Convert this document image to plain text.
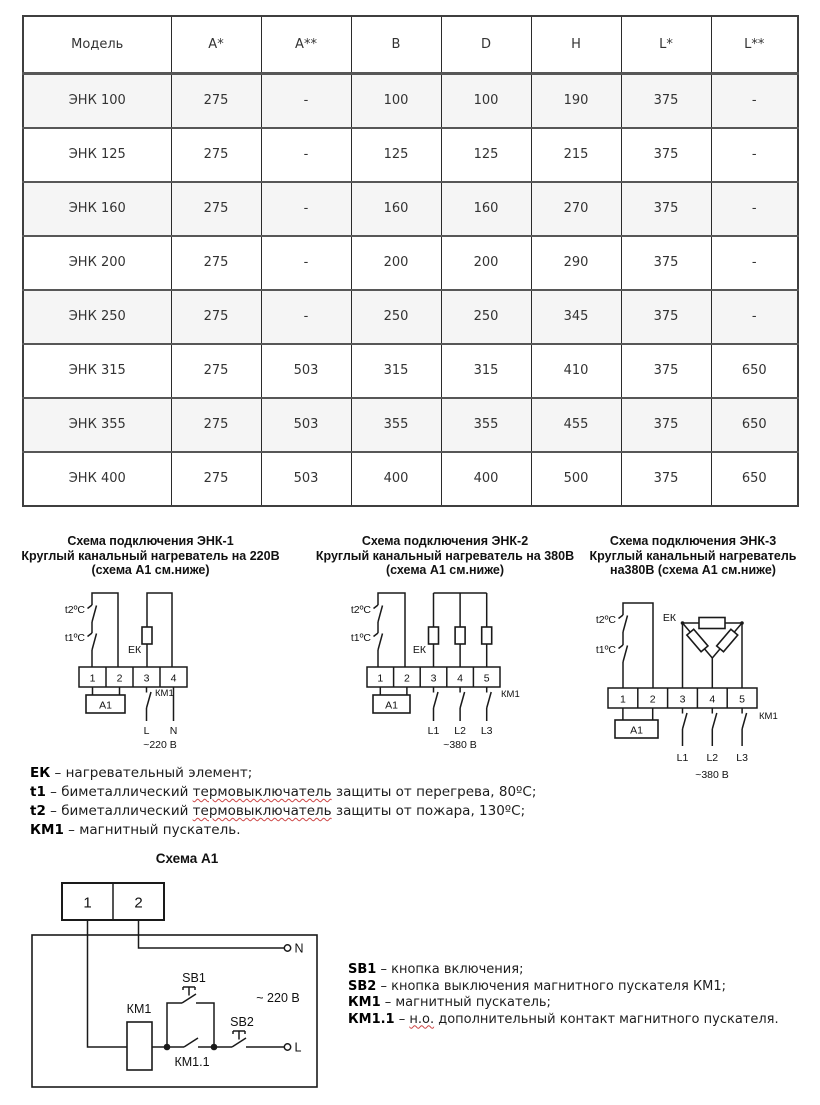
Модель	A*	A**	B	D	H	L*	L**
ЭНК 100	275	-	100	100	190	375	-
ЭНК 125	275	-	125	125	215	375	-
ЭНК 160	275	-	160	160	270	375	-
ЭНК 200	275	-	200	200	290	375	-
ЭНК 250	275	-	250	250	345	375	-
ЭНК 315	275	503	315	315	410	375	650
ЭНК 355	275	503	355	355	455	375	650
ЭНК 400	275	503	400	400	500	375	650
Схема подключения ЭНК-1
Круглый канальный нагреватель на 220В
(схема А1 см.ниже)
Схема подключения ЭНК-2
Круглый канальный нагреватель на 380В
(схема А1 см.ниже)
Схема подключения ЭНК-3
Круглый канальный нагреватель
на380В (схема А1 см.ниже)
t2ºС
t1ºС
ЕК
1 2 3 4
А1
КМ1
L N
~220 В
t2ºС
t1ºС
ЕК
1 2 3 4 5
А1
КМ1
L1 L2 L3
~380 В
t2ºС
t1ºС
ЕК
1 2 3 4 5
А1
КМ1
L1 L2 L3
~380 В
ЕК – нагревательный элемент;
t1 – биметаллический термовыключатель защиты от перегрева, 80ºС;
t2 – биметаллический термовыключатель защиты от пожара, 130ºС;
КМ1 – магнитный пускатель.
Схема А1
1	2
N
КМ1
SB1
КМ1.1
SB2
L
~ 220 В
SB1 – кнопка включения;
SB2 – кнопка выключения магнитного пускателя КМ1;
КМ1 – магнитный пускатель;
КМ1.1 – н.о. дополнительный контакт магнитного пускателя.
